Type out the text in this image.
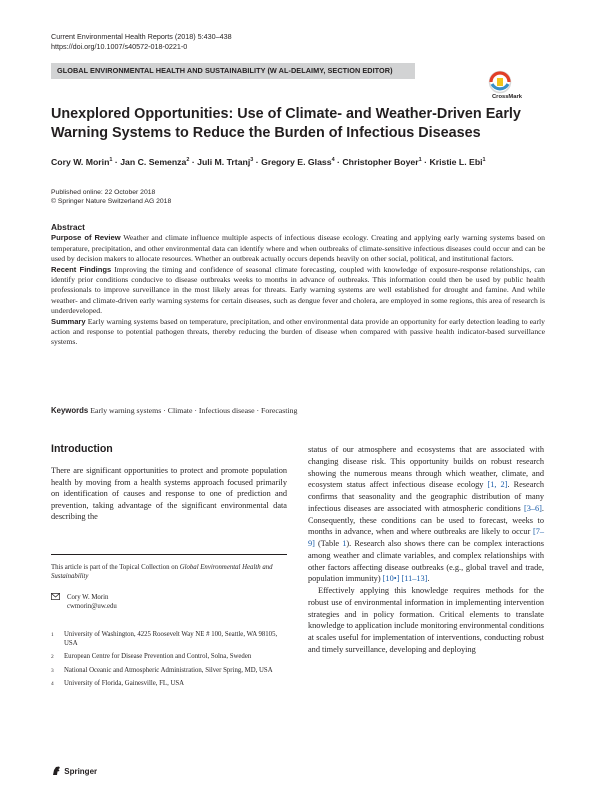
Current Environmental Health Reports (2018) 5:430–438
https://doi.org/10.1007/s40572-018-0221-0
GLOBAL ENVIRONMENTAL HEALTH AND SUSTAINABILITY (W AL-DELAIMY, SECTION EDITOR)
CrossMark
Unexplored Opportunities: Use of Climate- and Weather-Driven Early Warning Systems to Reduce the Burden of Infectious Diseases
Cory W. Morin$^1$ · Jan C. Semenza$^2$ · Juli M. Trtanj$^3$ · Gregory E. Glass$^4$ · Christopher Boyer$^1$ · Kristie L. Ebi$^1$
Published online: 22 October 2018
© Springer Nature Switzerland AG 2018
Abstract

Purpose of Review Weather and climate influence multiple aspects of infectious disease ecology. Creating and applying early warning systems based on temperature, precipitation, and other environmental data can identify where and when outbreaks of climate-sensitive infectious diseases could occur and can be used by decision makers to allocate resources. Whether an outbreak actually occurs depends heavily on other social, political, and institutional factors.

Recent Findings Improving the timing and confidence of seasonal climate forecasting, coupled with knowledge of exposure-response relationships, can identify prior conditions conducive to disease outbreaks weeks to months in advance of outbreaks. This information could then be used by public health professionals to improve surveillance in the most likely areas for threats. Early warning systems are well established for drought and famine. And while weather- and climate-driven early warning systems for certain diseases, such as dengue fever and cholera, are employed in some regions, this area of research is underdeveloped.

Summary Early warning systems based on temperature, precipitation, and other environmental data provide an opportunity for early detection leading to early action and response to potential pathogen threats, thereby reducing the burden of disease when compared with passive health indicator-based surveillance systems.

Keywords Early warning systems · Climate · Infectious disease · Forecasting
Introduction
There are significant opportunities to protect and promote population health by moving from a health systems approach focused primarily on identification of causes and response to one of prediction and prevention, taking advantage of the significant environmental data describing the
This article is part of the Topical Collection on Global Environmental Health and Sustainability
Cory W. Morin
cwmorin@uw.edu
1 University of Washington, 4225 Roosevelt Way NE # 100, Seattle, WA 98105, USA
2 European Centre for Disease Prevention and Control, Solna, Sweden
3 National Oceanic and Atmospheric Administration, Silver Spring, MD, USA
4 University of Florida, Gainesville, FL, USA

status of our atmosphere and ecosystems that are associated with changing disease risk. This opportunity builds on robust research showing the numerous means through which weather, climate, and ecosystem status affect infectious disease ecology [1, 2]. Research confirms that seasonality and the geographic distribution of many infectious diseases are associated with atmospheric conditions [3–6]. Consequently, these conditions can be used to forecast, weeks to months in advance, when and where outbreaks are likely to occur [7–9] (Table 1). Research also shows there can be complex interactions among weather and climate variables, and complex relationships with other factors affecting disease outbreaks (e.g., global travel and trade, population immunity) [10•] [11–13].

Effectively applying this knowledge requires methods for the robust use of environmental information in implementing intervention strategies and in policy formation. Critical elements to translate knowledge to application include monitoring environmental conditions at scales useful for implementation of interventions, conducting robust and timely surveillance, developing and deploying

Springer
